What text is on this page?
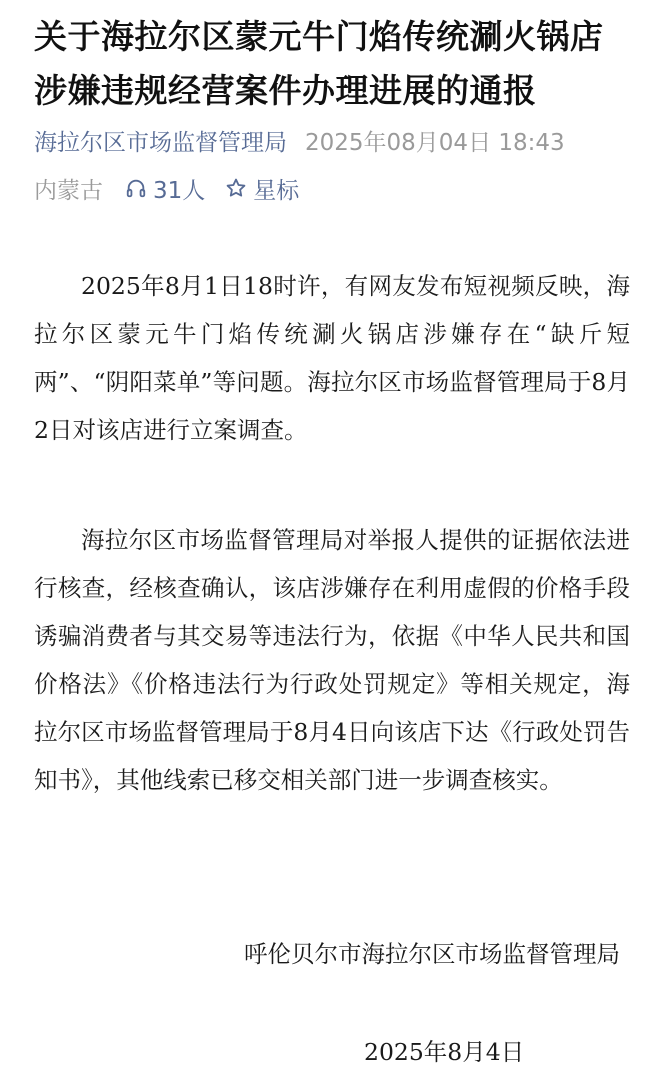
关于海拉尔区蒙元牛门焰传统涮火锅店涉嫌违规经营案件办理进展的通报
海拉尔区市场监督管理局 2025年08月04日 18:43
内蒙古 31人 星标

2025年8月1日18时许，有网友发布短视频反映，海拉尔区蒙元牛门焰传统涮火锅店涉嫌存在“缺斤短两”、“阴阳菜单”等问题。海拉尔区市场监督管理局于8月2日对该店进行立案调查。

海拉尔区市场监督管理局对举报人提供的证据依法进行核查，经核查确认，该店涉嫌存在利用虚假的价格手段诱骗消费者与其交易等违法行为，依据《中华人民共和国价格法》《价格违法行为行政处罚规定》等相关规定，海拉尔区市场监督管理局于8月4日向该店下达《行政处罚告知书》，其他线索已移交相关部门进一步调查核实。

呼伦贝尔市海拉尔区市场监督管理局
2025年8月4日
